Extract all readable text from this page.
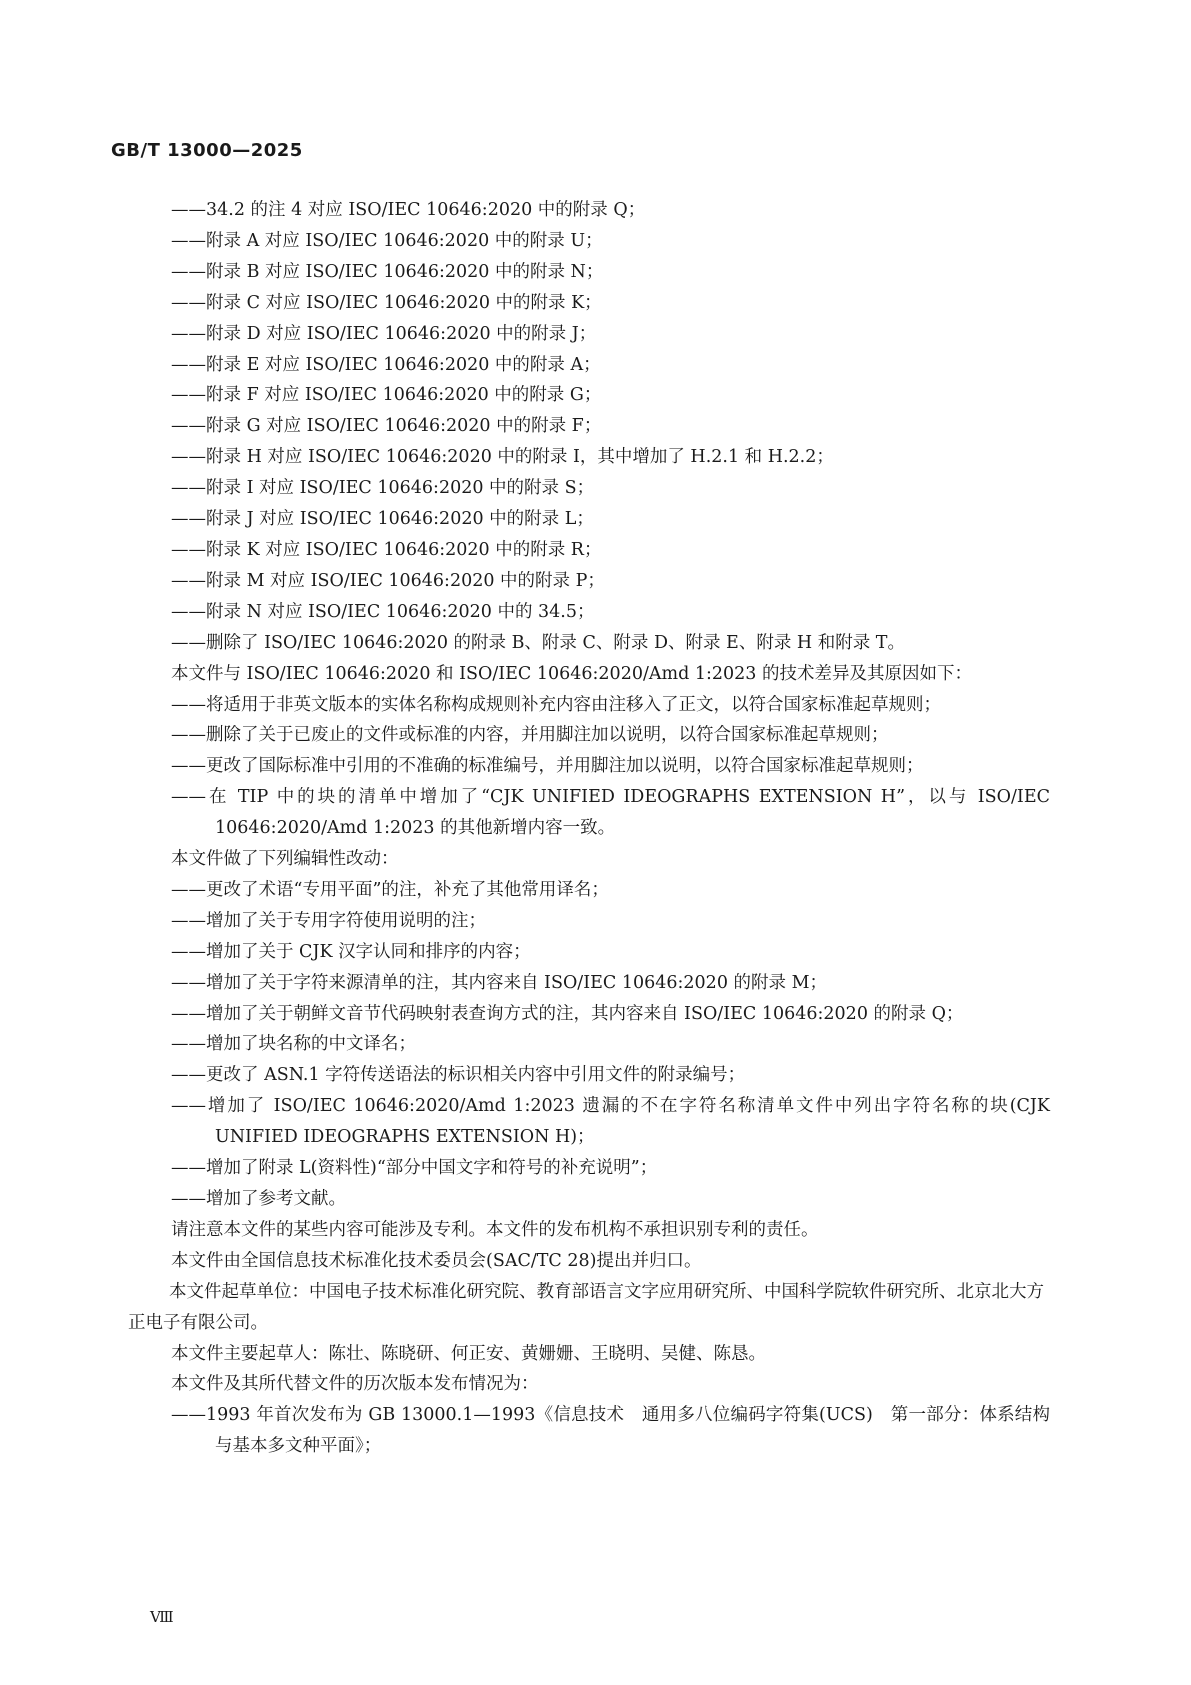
GB/T 13000—2025
——34.2 的注 4 对应 ISO/IEC 10646:2020 中的附录 Q；
——附录 A 对应 ISO/IEC 10646:2020 中的附录 U；
——附录 B 对应 ISO/IEC 10646:2020 中的附录 N；
——附录 C 对应 ISO/IEC 10646:2020 中的附录 K；
——附录 D 对应 ISO/IEC 10646:2020 中的附录 J；
——附录 E 对应 ISO/IEC 10646:2020 中的附录 A；
——附录 F 对应 ISO/IEC 10646:2020 中的附录 G；
——附录 G 对应 ISO/IEC 10646:2020 中的附录 F；
——附录 H 对应 ISO/IEC 10646:2020 中的附录 I，其中增加了 H.2.1 和 H.2.2；
——附录 I 对应 ISO/IEC 10646:2020 中的附录 S；
——附录 J 对应 ISO/IEC 10646:2020 中的附录 L；
——附录 K 对应 ISO/IEC 10646:2020 中的附录 R；
——附录 M 对应 ISO/IEC 10646:2020 中的附录 P；
——附录 N 对应 ISO/IEC 10646:2020 中的 34.5；
——删除了 ISO/IEC 10646:2020 的附录 B、附录 C、附录 D、附录 E、附录 H 和附录 T。
本文件与 ISO/IEC 10646:2020 和 ISO/IEC 10646:2020/Amd 1:2023 的技术差异及其原因如下：
——将适用于非英文版本的实体名称构成规则补充内容由注移入了正文，以符合国家标准起草规则；
——删除了关于已废止的文件或标准的内容，并用脚注加以说明，以符合国家标准起草规则；
——更改了国际标准中引用的不准确的标准编号，并用脚注加以说明，以符合国家标准起草规则；
——在 TIP 中的块的清单中增加了“CJK UNIFIED IDEOGRAPHS EXTENSION H”，以与 ISO/IEC 10646:2020/Amd 1:2023 的其他新增内容一致。
本文件做了下列编辑性改动：
——更改了术语“专用平面”的注，补充了其他常用译名；
——增加了关于专用字符使用说明的注；
——增加了关于 CJK 汉字认同和排序的内容；
——增加了关于字符来源清单的注，其内容来自 ISO/IEC 10646:2020 的附录 M；
——增加了关于朝鲜文音节代码映射表查询方式的注，其内容来自 ISO/IEC 10646:2020 的附录 Q；
——增加了块名称的中文译名；
——更改了 ASN.1 字符传送语法的标识相关内容中引用文件的附录编号；
——增加了 ISO/IEC 10646:2020/Amd 1:2023 遗漏的不在字符名称清单文件中列出字符名称的块(CJK UNIFIED IDEOGRAPHS EXTENSION H)；
——增加了附录 L(资料性)“部分中国文字和符号的补充说明”；
——增加了参考文献。
请注意本文件的某些内容可能涉及专利。本文件的发布机构不承担识别专利的责任。
本文件由全国信息技术标准化技术委员会(SAC/TC 28)提出并归口。
本文件起草单位：中国电子技术标准化研究院、教育部语言文字应用研究所、中国科学院软件研究所、北京北大方正电子有限公司。
本文件主要起草人：陈壮、陈晓研、何正安、黄姗姗、王晓明、吴健、陈恳。
本文件及其所代替文件的历次版本发布情况为：
——1993 年首次发布为 GB 13000.1—1993《信息技术　通用多八位编码字符集(UCS)　第一部分：体系结构与基本多文种平面》；
Ⅷ
